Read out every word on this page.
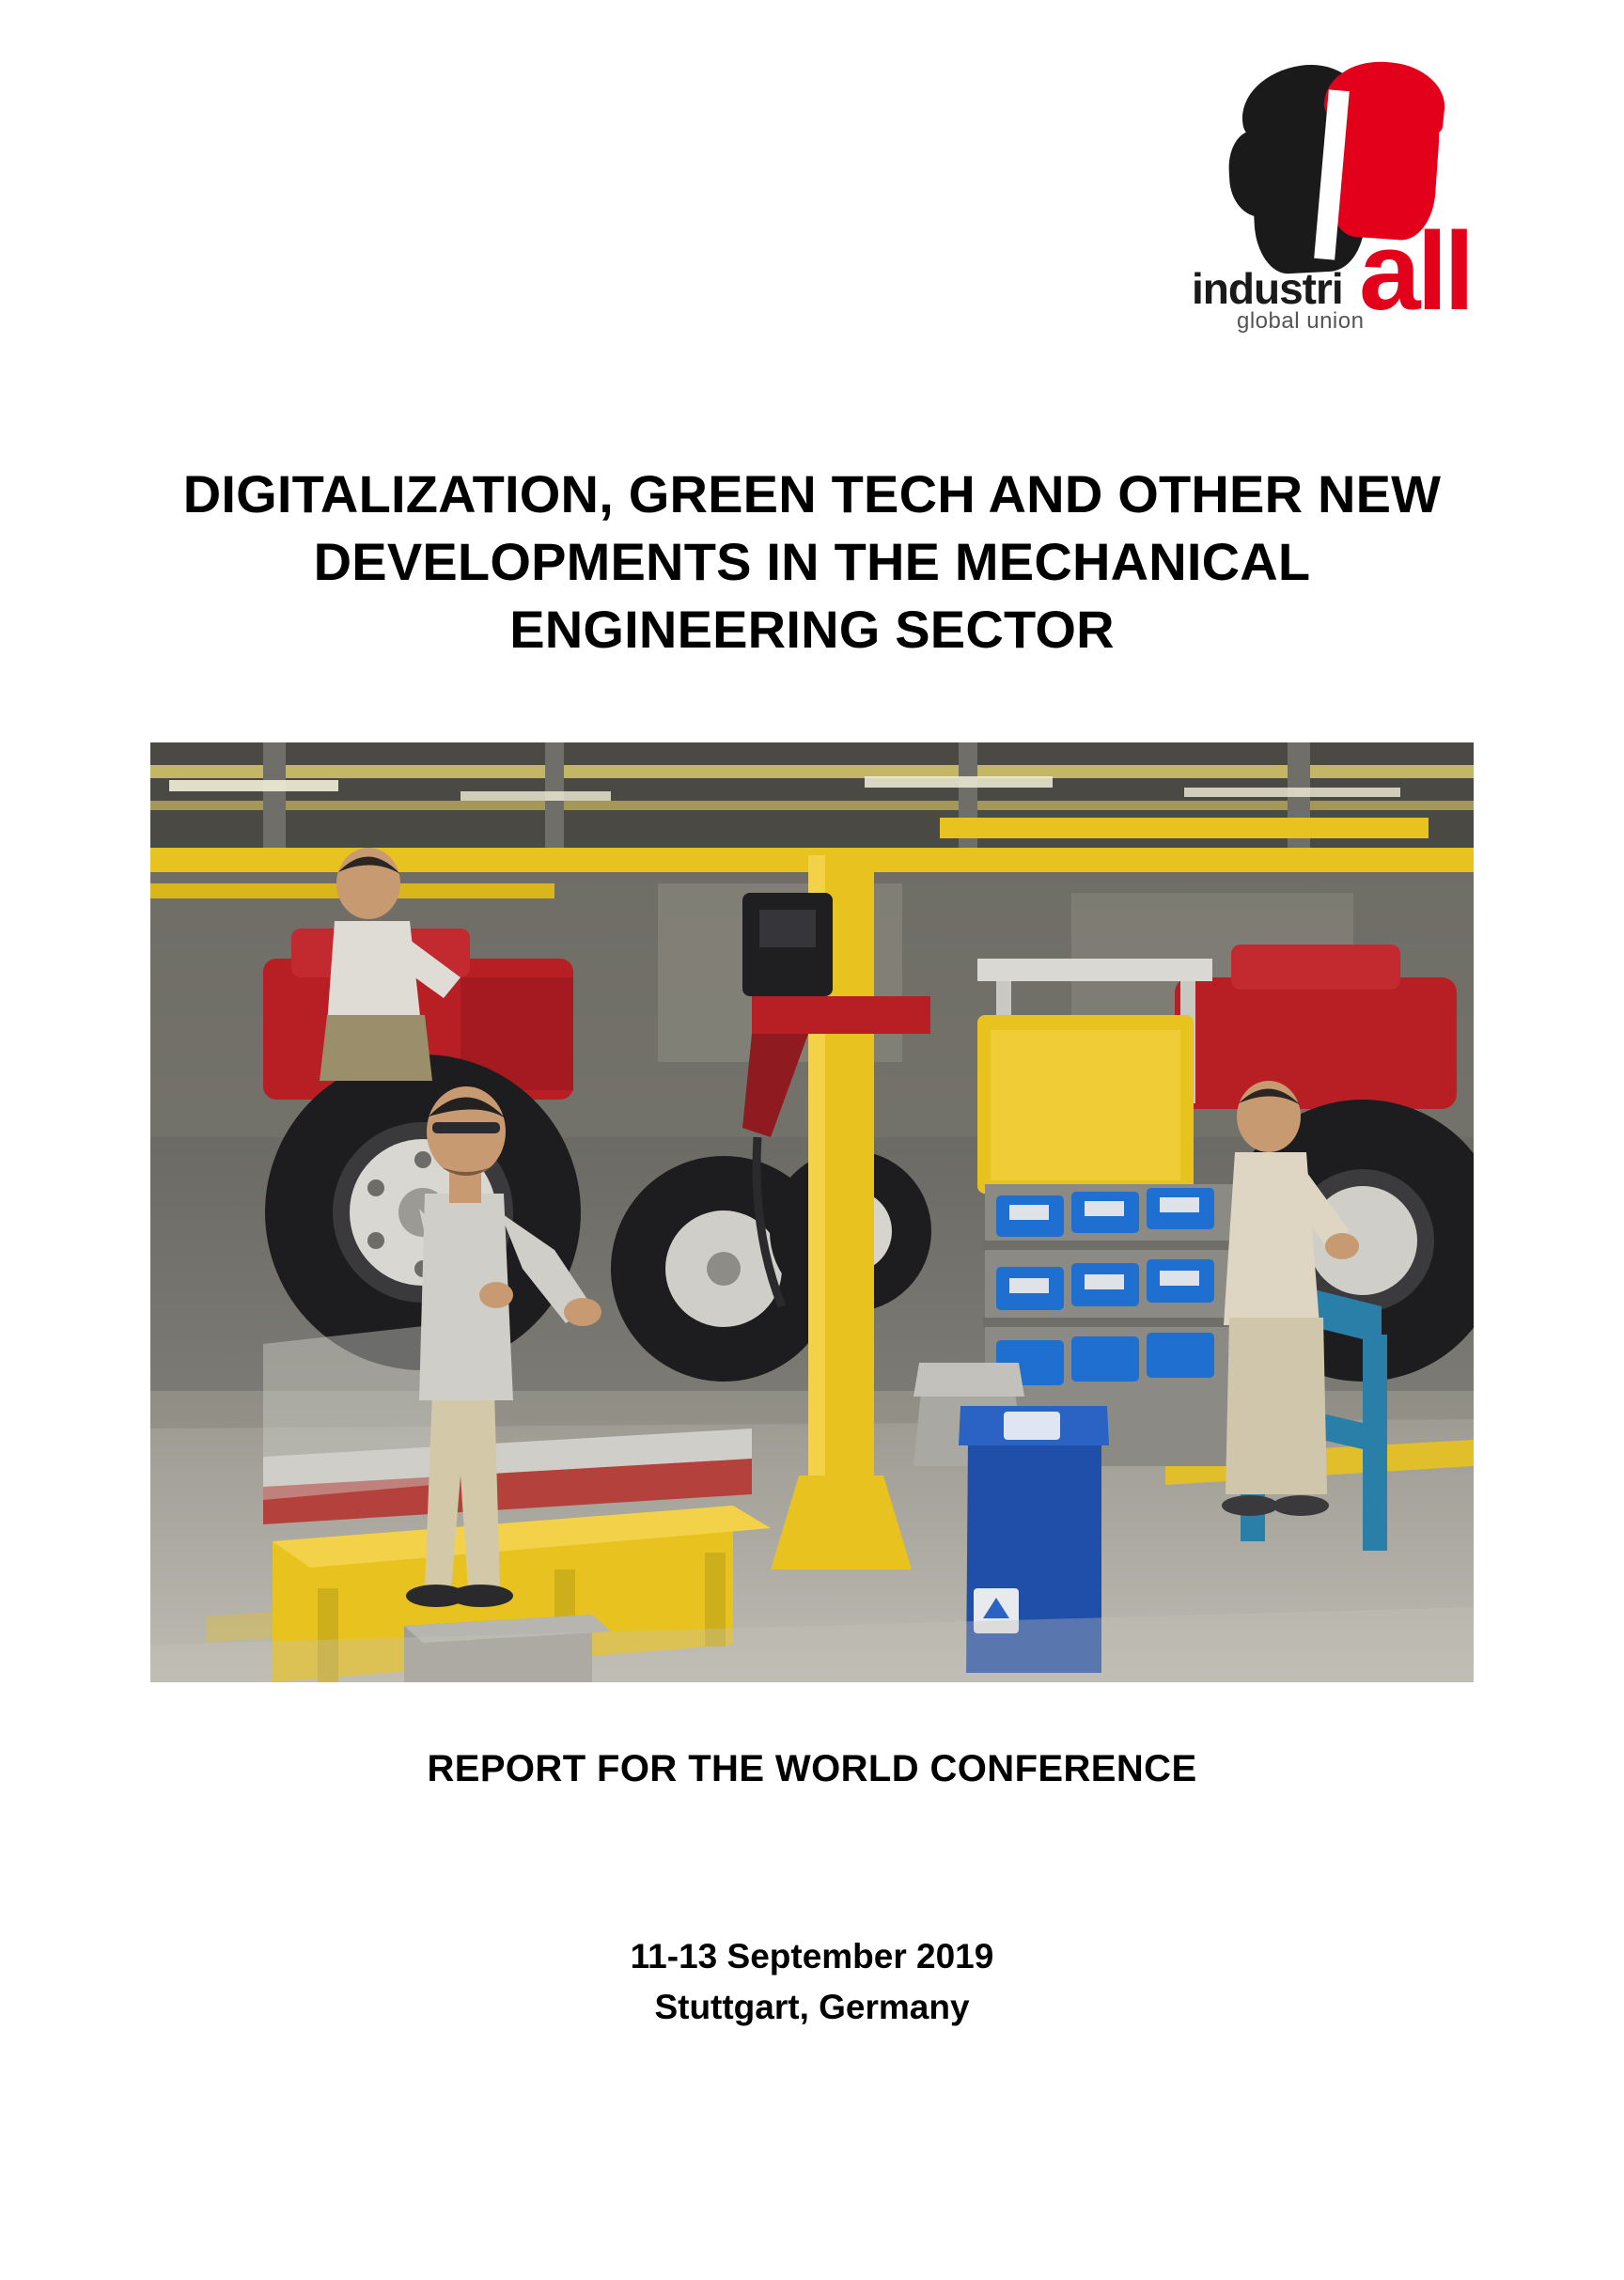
industri all
global union
DIGITALIZATION, GREEN TECH AND OTHER NEW DEVELOPMENTS IN THE MECHANICAL ENGINEERING SECTOR
REPORT FOR THE WORLD CONFERENCE
11-13 September 2019
Stuttgart, Germany
